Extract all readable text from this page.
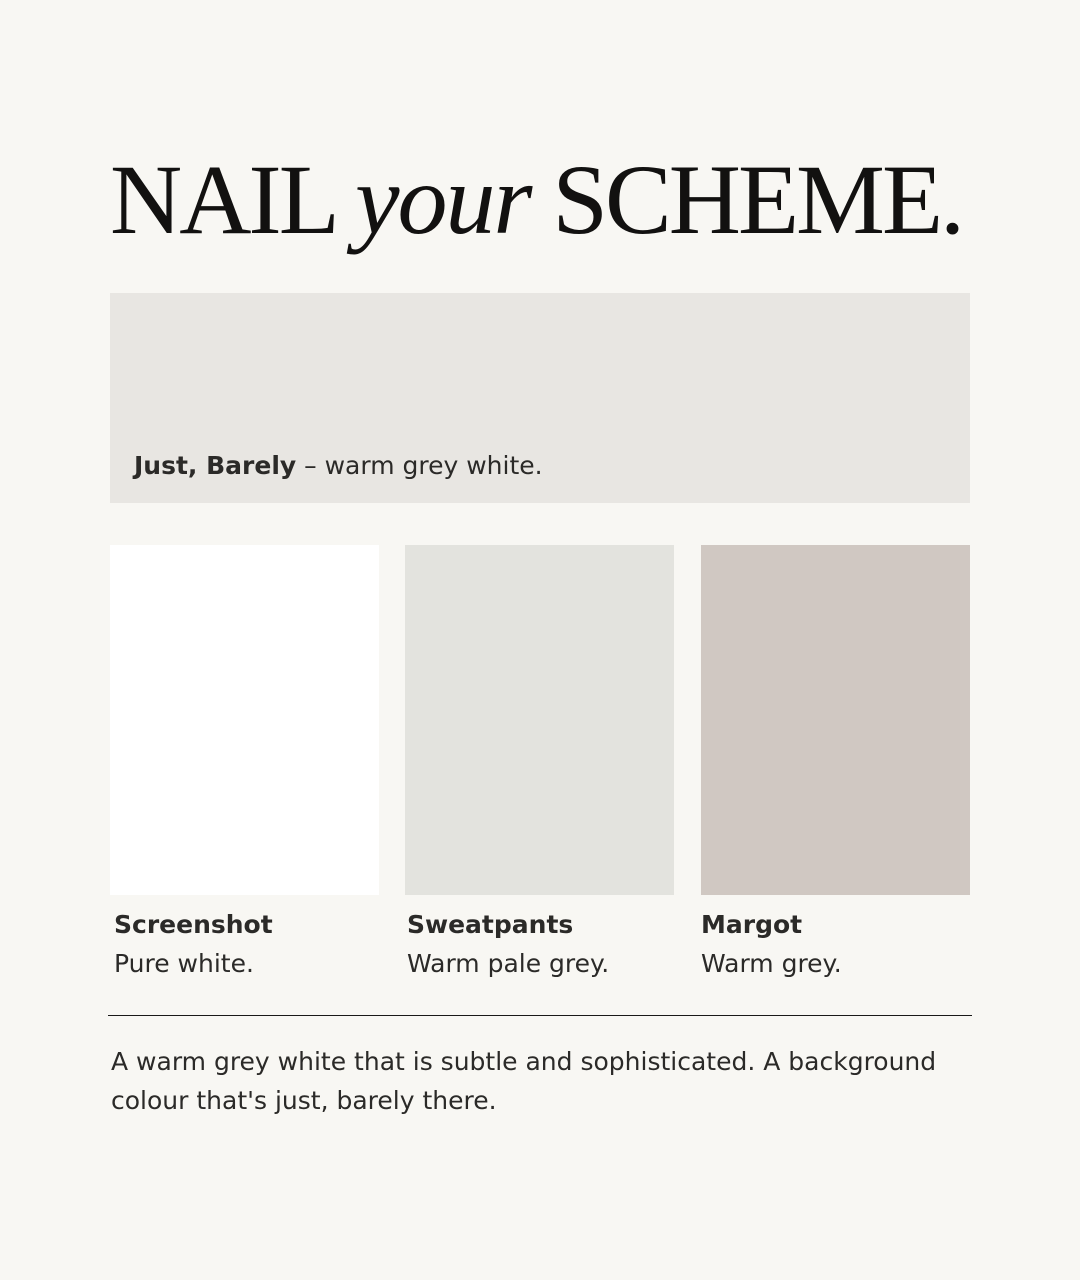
NAIL your SCHEME.
Just, Barely – warm grey white.
Screenshot
Pure white.
Sweatpants
Warm pale grey.
Margot
Warm grey.

A warm grey white that is subtle and sophisticated. A background colour that's just, barely there.
